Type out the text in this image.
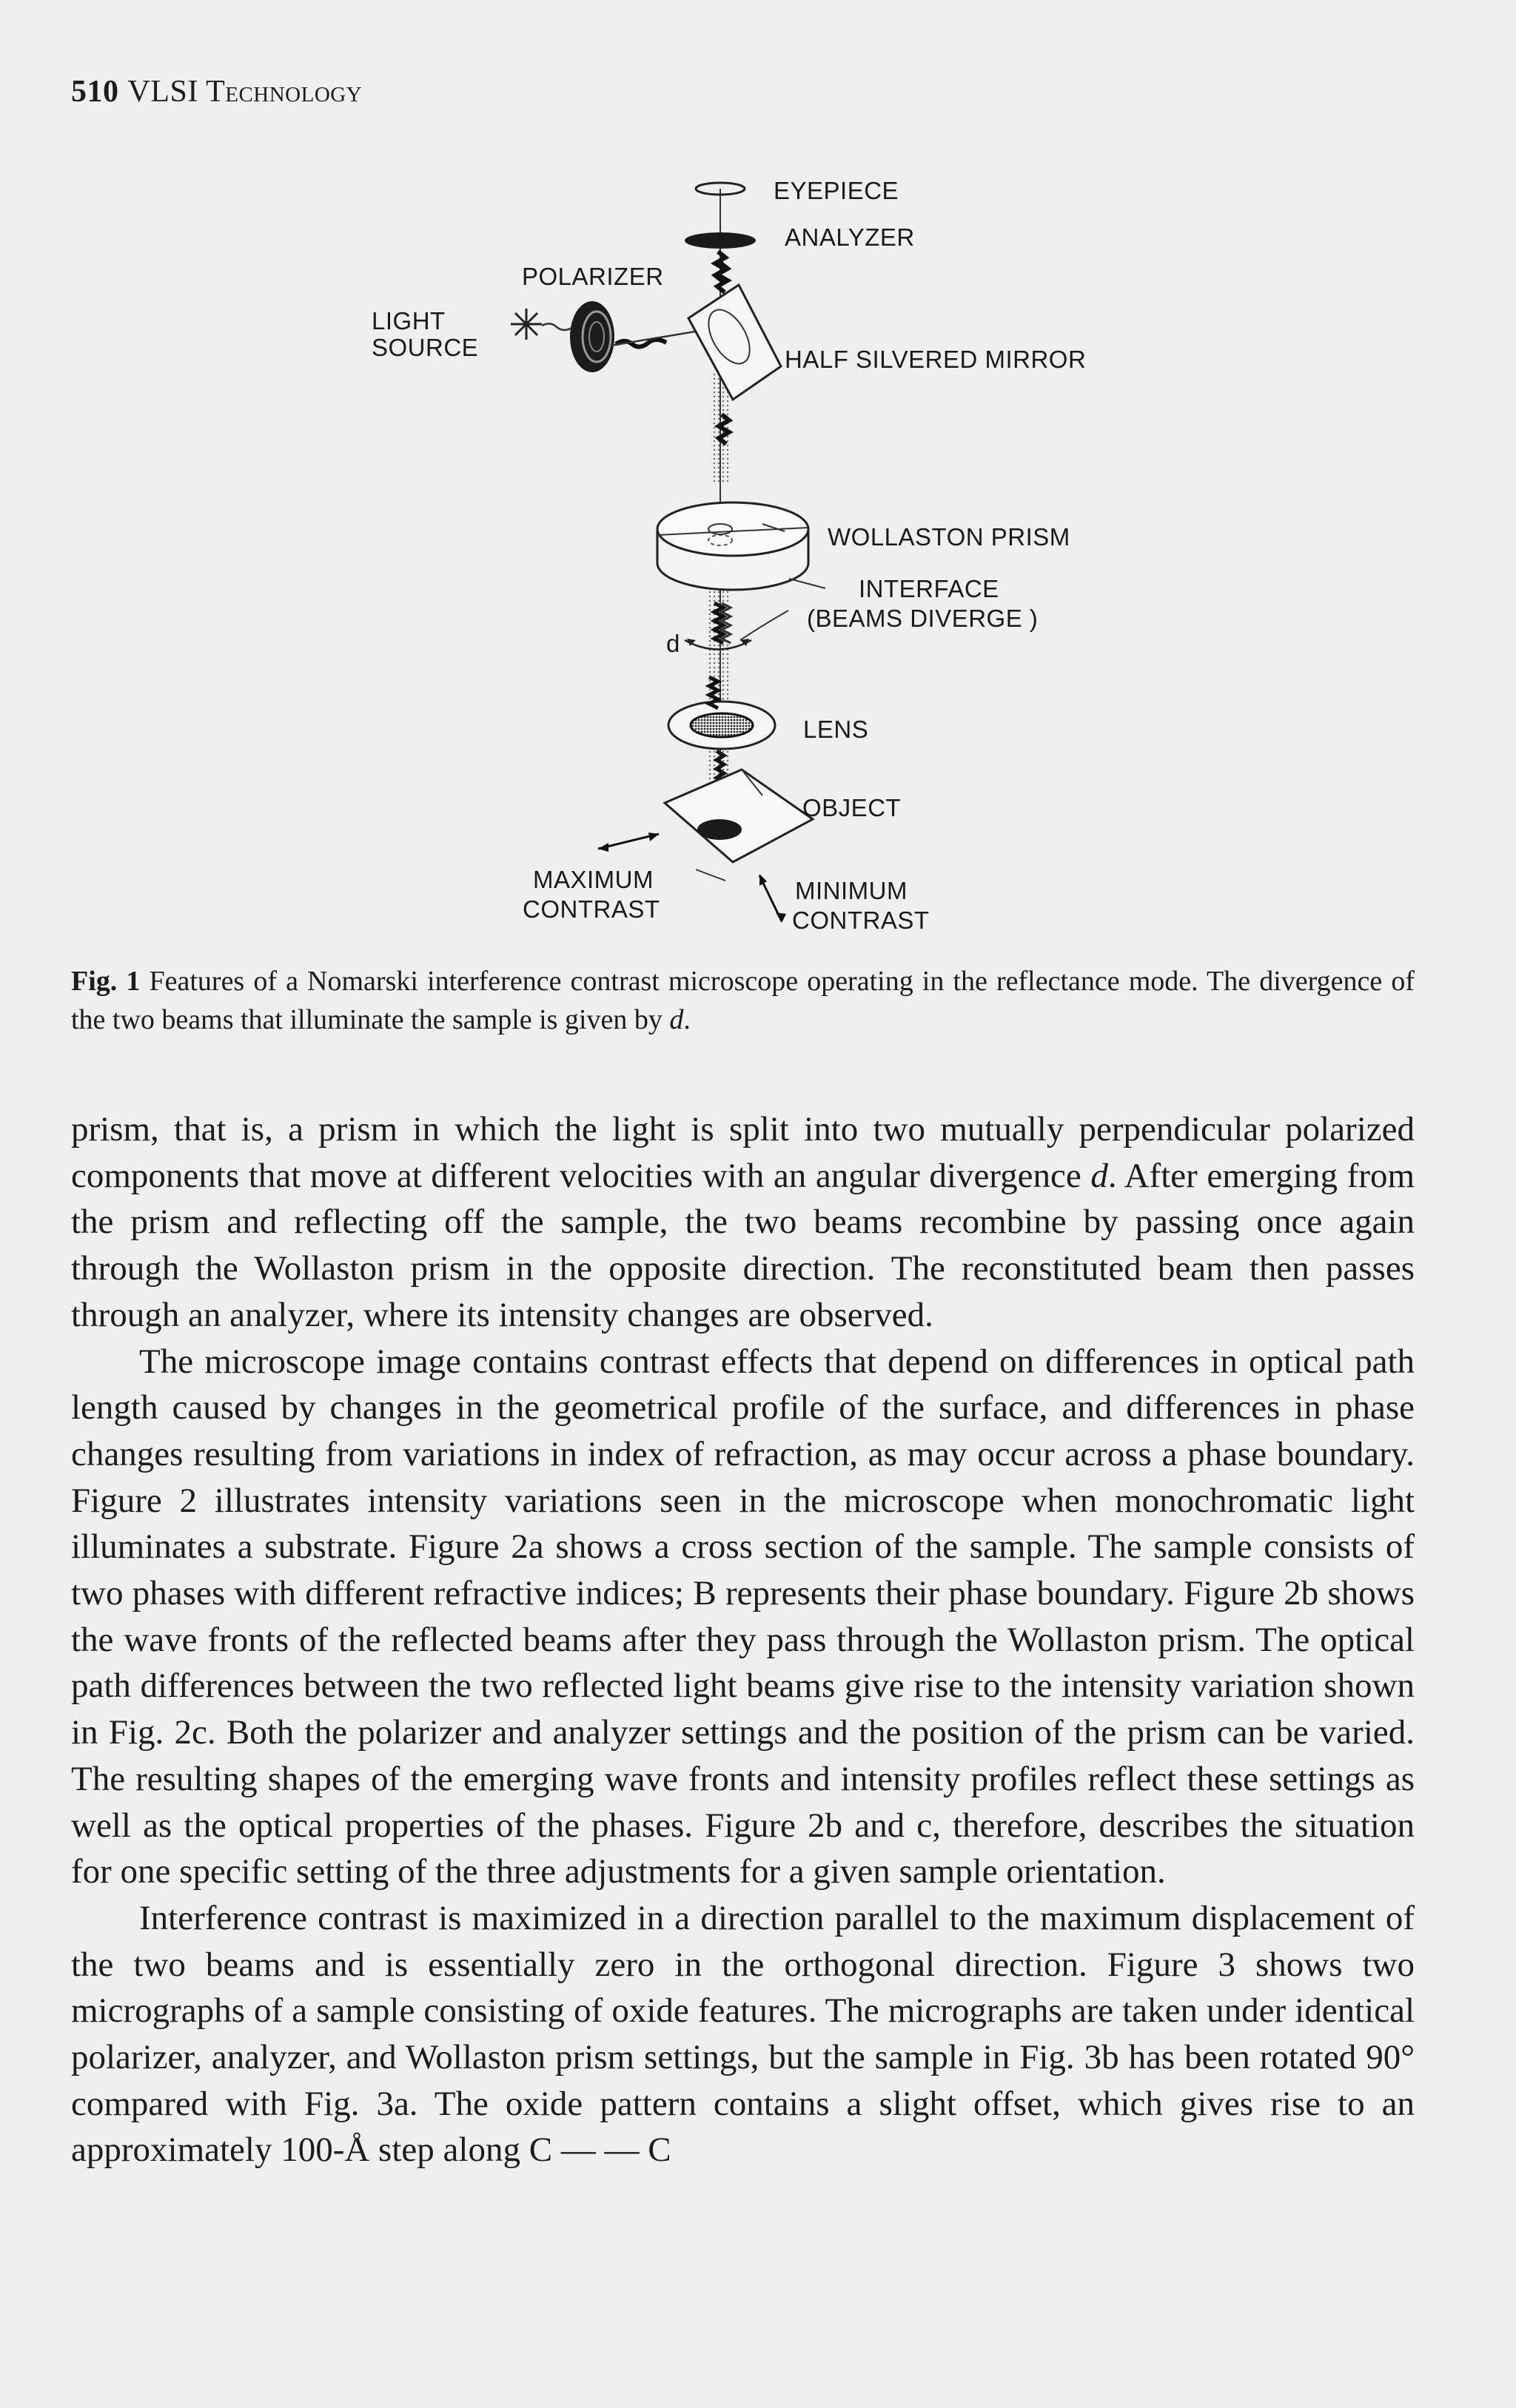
510 VLSI Technology
EYEPIECE
ANALYZER
POLARIZER
LIGHT
SOURCE	HALF SILVERED MIRROR
WOLLASTON PRISM
INTERFACE
(BEAMS DIVERGE )
d
LENS
OBJECT
MAXIMUM
CONTRAST
MINIMUM
CONTRAST
Fig. 1 Features of a Nomarski interference contrast microscope operating in the reflectance mode. The divergence of the two beams that illuminate the sample is given by d.

prism, that is, a prism in which the light is split into two mutually perpendicular polarized components that move at different velocities with an angular divergence d. After emerging from the prism and reflecting off the sample, the two beams recombine by passing once again through the Wollaston prism in the opposite direction. The reconstituted beam then passes through an analyzer, where its intensity changes are observed.

The microscope image contains contrast effects that depend on differences in optical path length caused by changes in the geometrical profile of the surface, and differences in phase changes resulting from variations in index of refraction, as may occur across a phase boundary. Figure 2 illustrates intensity variations seen in the microscope when monochromatic light illuminates a substrate. Figure 2a shows a cross section of the sample. The sample consists of two phases with different refractive indices; B represents their phase boundary. Figure 2b shows the wave fronts of the reflected beams after they pass through the Wollaston prism. The optical path differences between the two reflected light beams give rise to the intensity variation shown in Fig. 2c. Both the polarizer and analyzer settings and the position of the prism can be varied. The resulting shapes of the emerging wave fronts and intensity profiles reflect these settings as well as the optical properties of the phases. Figure 2b and c, therefore, describes the situation for one specific setting of the three adjustments for a given sample orientation.

Interference contrast is maximized in a direction parallel to the maximum displacement of the two beams and is essentially zero in the orthogonal direction. Figure 3 shows two micrographs of a sample consisting of oxide features. The micrographs are taken under identical polarizer, analyzer, and Wollaston prism settings, but the sample in Fig. 3b has been rotated 90° compared with Fig. 3a. The oxide pattern contains a slight offset, which gives rise to an approximately 100-Å step along C — — C
